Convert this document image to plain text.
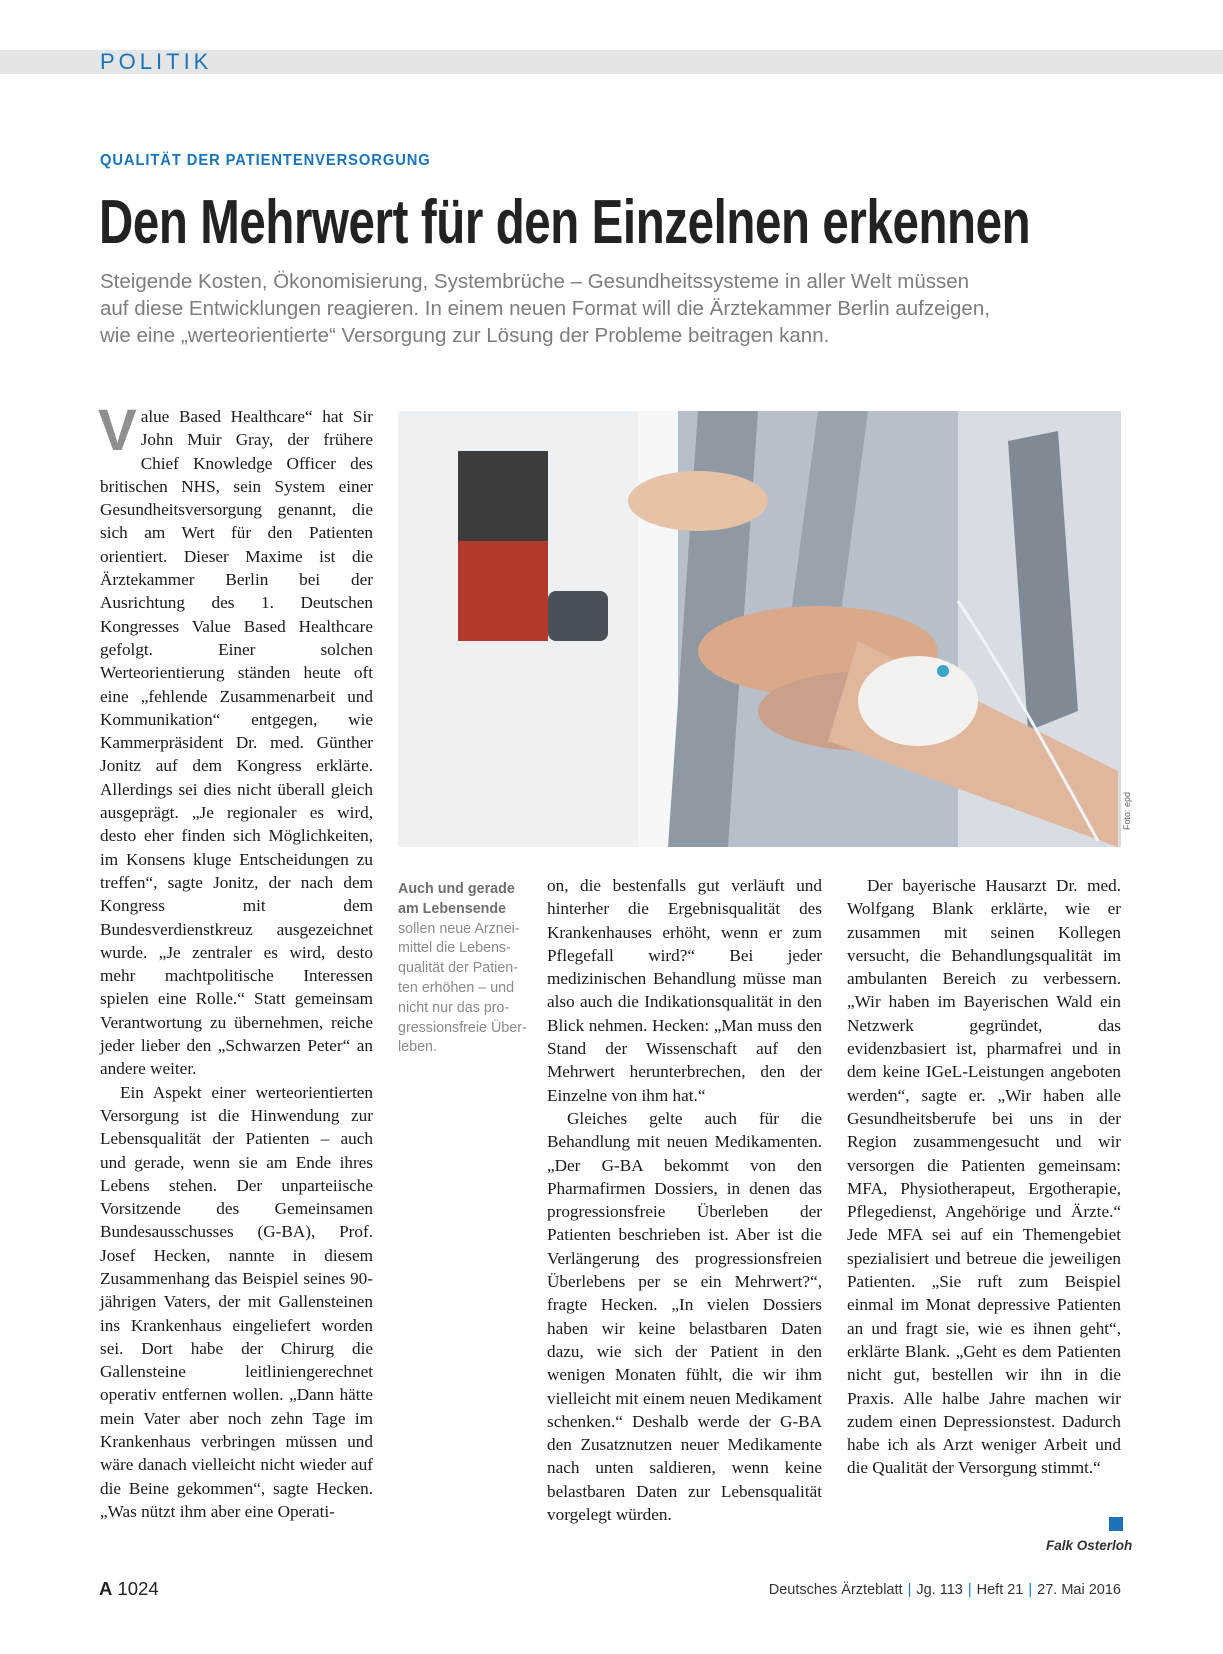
POLITIK
QUALITÄT DER PATIENTENVERSORGUNG
Den Mehrwert für den Einzelnen erkennen

Steigende Kosten, Ökonomisierung, Systembrüche – Gesundheitssysteme in aller Welt müssen

auf diese Entwicklungen reagieren. In einem neuen Format will die Ärztekammer Berlin aufzeigen,

wie eine „werteorientierte“ Versorgung zur Lösung der Probleme beitragen kann.

Value Based Healthcare“ hat Sir John Muir Gray, der frühere Chief Knowledge Officer des britischen NHS, sein System einer Gesundheitsversorgung genannt, die sich am Wert für den Patienten orientiert. Dieser Maxime ist die Ärztekammer Berlin bei der Ausrichtung des 1. Deutschen Kongresses Value Based Healthcare gefolgt. Einer solchen Werteorientierung ständen heute oft eine „fehlende Zusammenarbeit und Kommunikation“ entgegen, wie Kammerpräsident Dr. med. Günther Jonitz auf dem Kongress erklärte. Allerdings sei dies nicht überall gleich ausgeprägt. „Je regionaler es wird, desto eher finden sich Möglichkeiten, im Konsens kluge Entscheidungen zu treffen“, sagte Jonitz, der nach dem Kongress mit dem Bundesverdienstkreuz ausgezeichnet wurde. „Je zentraler es wird, desto mehr machtpolitische Interessen spielen eine Rolle.“ Statt gemeinsam Verantwortung zu übernehmen, reiche jeder lieber den „Schwarzen Peter“ an andere weiter.

Ein Aspekt einer werteorientierten Versorgung ist die Hinwendung zur Lebensqualität der Patienten – auch und gerade, wenn sie am Ende ihres Lebens stehen. Der unparteiische Vorsitzende des Gemeinsamen Bundesausschusses (G-BA), Prof. Josef Hecken, nannte in diesem Zusammenhang das Beispiel seines 90-jährigen Vaters, der mit Gallensteinen ins Krankenhaus eingeliefert worden sei. Dort habe der Chirurg die Gallensteine leitliniengerechnet operativ entfernen wollen. „Dann hätte mein Vater aber noch zehn Tage im Krankenhaus verbringen müssen und wäre danach vielleicht nicht wieder auf die Beine gekommen“, sagte Hecken. „Was nützt ihm aber eine Operati-

Foto: epd

Auch und gerade

am Lebensende

sollen neue Arznei-

mittel die Lebens-

qualität der Patien-

ten erhöhen – und

nicht nur das pro-

gressionsfreie Über-

leben.

on, die bestenfalls gut verläuft und hinterher die Ergebnisqualität des Krankenhauses erhöht, wenn er zum Pflegefall wird?“ Bei jeder medizinischen Behandlung müsse man also auch die Indikationsqualität in den Blick nehmen. Hecken: „Man muss den Stand der Wissenschaft auf den Mehrwert herunterbrechen, den der Einzelne von ihm hat.“

Gleiches gelte auch für die Behandlung mit neuen Medikamenten. „Der G-BA bekommt von den Pharmafirmen Dossiers, in denen das progressionsfreie Überleben der Patienten beschrieben ist. Aber ist die Verlängerung des progressionsfreien Überlebens per se ein Mehrwert?“, fragte Hecken. „In vielen Dossiers haben wir keine belastbaren Daten dazu, wie sich der Patient in den wenigen Monaten fühlt, die wir ihm vielleicht mit einem neuen Medikament schenken.“ Deshalb werde der G-BA den Zusatznutzen neuer Medikamente nach unten saldieren, wenn keine belastbaren Daten zur Lebensqualität vorgelegt würden.

Der bayerische Hausarzt Dr. med. Wolfgang Blank erklärte, wie er zusammen mit seinen Kollegen versucht, die Behandlungsqualität im ambulanten Bereich zu verbessern. „Wir haben im Bayerischen Wald ein Netzwerk gegründet, das evidenzbasiert ist, pharmafrei und in dem keine IGeL-Leistungen angeboten werden“, sagte er. „Wir haben alle Gesundheitsberufe bei uns in der Region zusammengesucht und wir versorgen die Patienten gemeinsam: MFA, Physiotherapeut, Ergotherapie, Pflegedienst, Angehörige und Ärzte.“ Jede MFA sei auf ein Themengebiet spezialisiert und betreue die jeweiligen Patienten. „Sie ruft zum Beispiel einmal im Monat depressive Patienten an und fragt sie, wie es ihnen geht“, erklärte Blank. „Geht es dem Patienten nicht gut, bestellen wir ihn in die Praxis. Alle halbe Jahre machen wir zudem einen Depressionstest. Dadurch habe ich als Arzt weniger Arbeit und die Qualität der Versorgung stimmt.“

Falk Osterloh
A 1024	Deutsches Ärzteblatt | Jg. 113 | Heft 21 | 27. Mai 2016
